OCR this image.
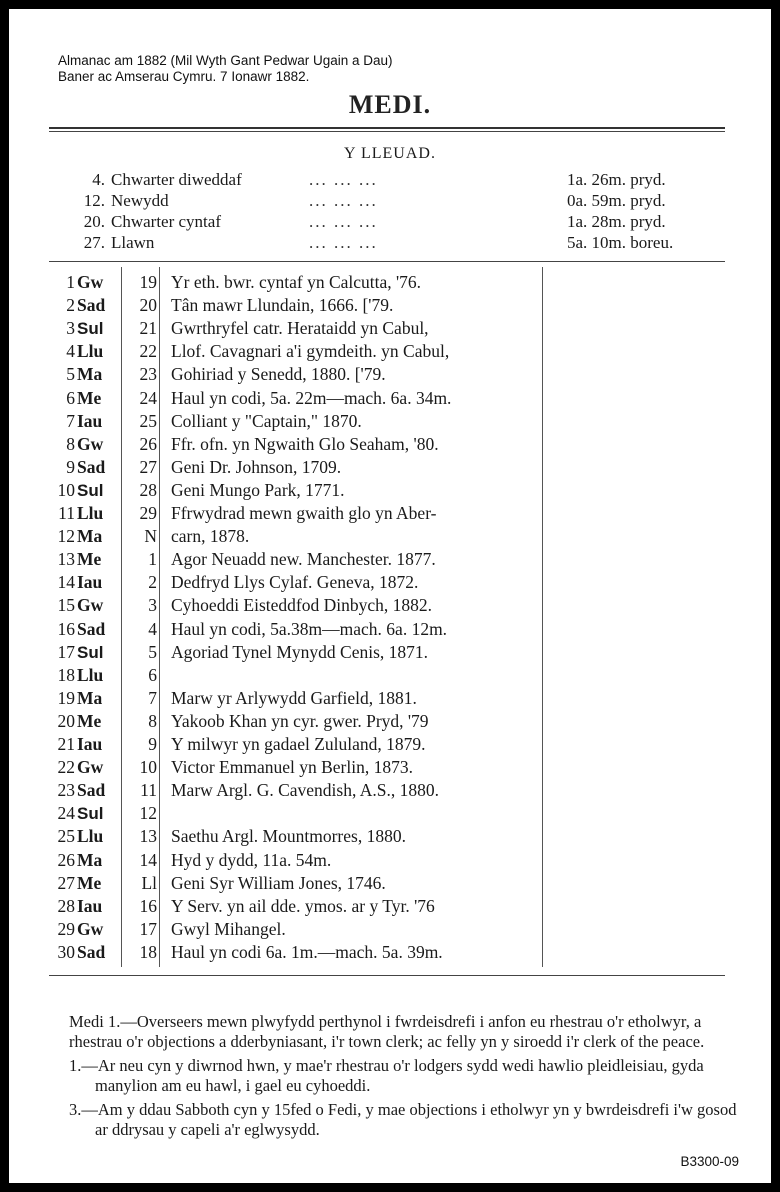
Almanac am 1882 (Mil Wyth Gant Pedwar Ugain a Dau)
Baner ac Amserau Cymru. 7 Ionawr 1882.
MEDI.
Y LLEUAD.
4. Chwarter diweddaf	... ... ...	1a. 26m. pryd.
12. Newydd	... ... ...	0a. 59m. pryd.
20. Chwarter cyntaf	... ... ...	1a. 28m. pryd.
27. Llawn	... ... ...	5a. 10m. boreu.
1 Gw	19 Yr eth. bwr. cyntaf yn Calcutta, '76.
2 Sad	20 Tân mawr Llundain, 1666. ['79.
3 Sul	21 Gwrthryfel catr. Herataidd yn Cabul,
4 Llu	22 Llof. Cavagnari a'i gymdeith. yn Cabul,
5 Ma	23 Gohiriad y Senedd, 1880. ['79.
6 Me	24 Haul yn codi, 5a. 22m—mach. 6a. 34m.
7 Iau	25 Colliant y "Captain," 1870.
8 Gw	26 Ffr. ofn. yn Ngwaith Glo Seaham, '80.
9 Sad	27 Geni Dr. Johnson, 1709.
10 Sul	28 Geni Mungo Park, 1771.
11 Llu	29 Ffrwydrad mewn gwaith glo yn Aber-
12 Ma	N carn, 1878.
13 Me	1 Agor Neuadd new. Manchester. 1877.
14 Iau	2 Dedfryd Llys Cylaf. Geneva, 1872.
15 Gw	3 Cyhoeddi Eisteddfod Dinbych, 1882.
16 Sad	4 Haul yn codi, 5a.38m—mach. 6a. 12m.
17 Sul	5 Agoriad Tynel Mynydd Cenis, 1871.
18 Llu	6
19 Ma	7 Marw yr Arlywydd Garfield, 1881.
20 Me	8 Yakoob Khan yn cyr. gwer. Pryd, '79
21 Iau	9 Y milwyr yn gadael Zululand, 1879.
22 Gw	10 Victor Emmanuel yn Berlin, 1873.
23 Sad	11 Marw Argl. G. Cavendish, A.S., 1880.
24 Sul	12
25 Llu	13 Saethu Argl. Mountmorres, 1880.
26 Ma	14 Hyd y dydd, 11a. 54m.
27 Me	Ll Geni Syr William Jones, 1746.
28 Iau	16 Y Serv. yn ail dde. ymos. ar y Tyr. '76
29 Gw	17 Gwyl Mihangel.
30 Sad	18 Haul yn codi 6a. 1m.—mach. 5a. 39m.

Medi 1.—Overseers mewn plwyfydd perthynol i fwrdeisdrefi i anfon eu rhestrau o'r etholwyr, a rhestrau o'r objections a dderbyniasant, i'r town clerk; ac felly yn y siroedd i'r clerk of the peace.

1.—Ar neu cyn y diwrnod hwn, y mae'r rhestrau o'r lodgers sydd wedi hawlio pleidleisiau, gyda manylion am eu hawl, i gael eu cyhoeddi.

3.—Am y ddau Sabboth cyn y 15fed o Fedi, y mae objections i etholwyr yn y bwrdeisdrefi i'w gosod ar ddrysau y capeli a'r eglwysydd.

B3300-09
